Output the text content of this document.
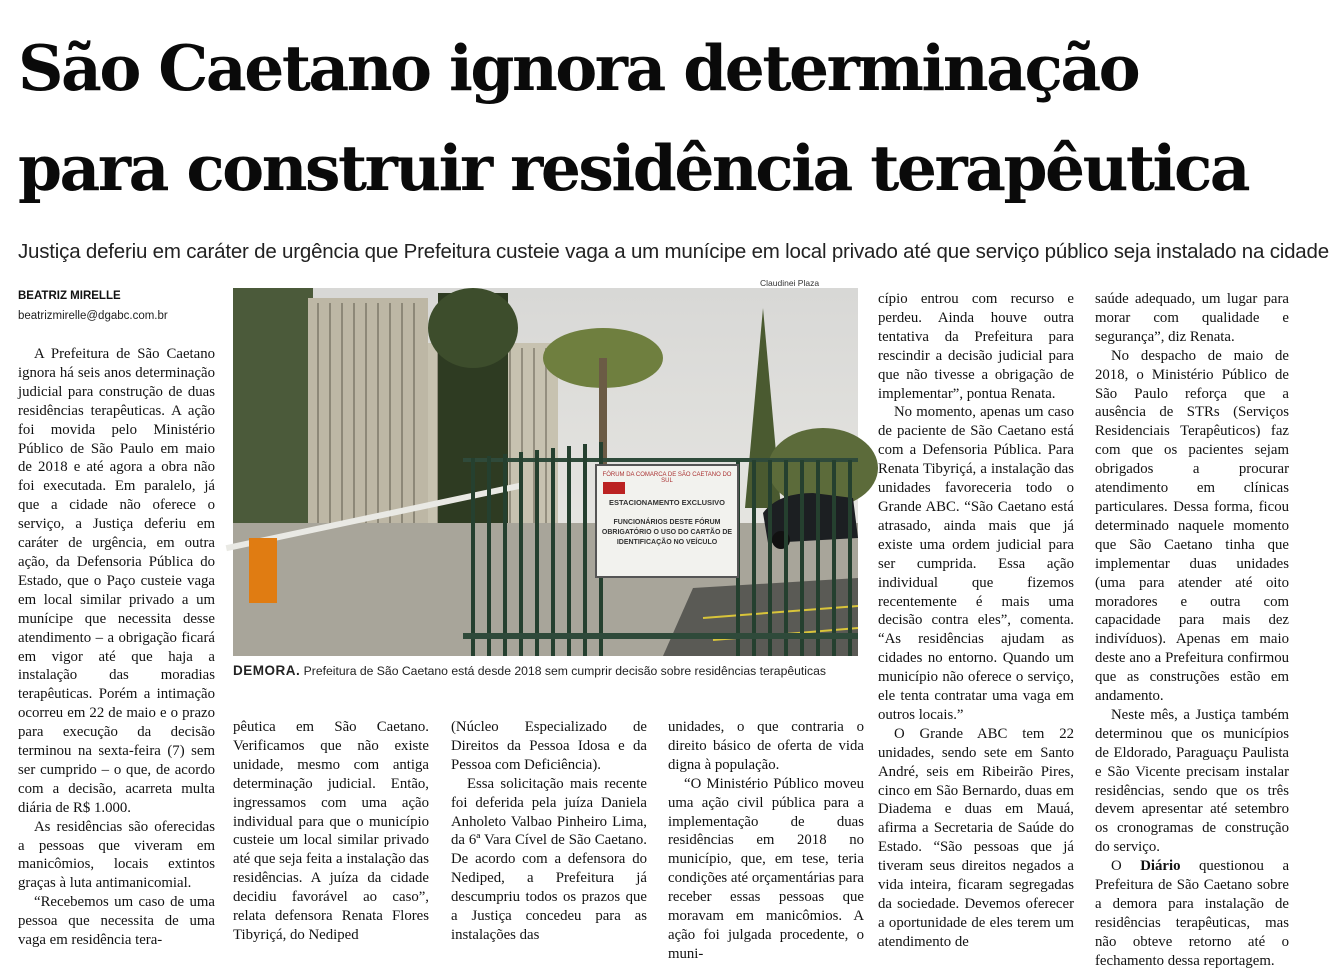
São Caetano ignora determinação
para construir residência terapêutica
Justiça deferiu em caráter de urgência que Prefeitura custeie vaga a um munícipe em local privado até que serviço público seja instalado na cidade
BEATRIZ MIRELLE
beatrizmirelle@dgabc.com.br

A Prefeitura de São Caetano ignora há seis anos determinação judicial para construção de duas residências terapêuticas. A ação foi movida pelo Ministério Público de São Paulo em maio de 2018 e até agora a obra não foi executada. Em paralelo, já que a cidade não oferece o serviço, a Justiça deferiu em caráter de urgência, em outra ação, da Defensoria Pública do Estado, que o Paço custeie vaga em local similar privado a um munícipe que necessita desse atendimento – a obrigação ficará em vigor até que haja a instalação das moradias terapêuticas. Porém a intimação ocorreu em 22 de maio e o prazo para execução da decisão terminou na sexta-feira (7) sem ser cumprido – o que, de acordo com a decisão, acarreta multa diária de R$ 1.000.

As residências são oferecidas a pessoas que viveram em manicômios, locais extintos graças à luta antimanicomial.

“Recebemos um caso de uma pessoa que necessita de uma vaga em residência tera-

Claudinei Plaza
FÓRUM DA COMARCA DE SÃO CAETANO DO SUL
ESTACIONAMENTO EXCLUSIVO
FUNCIONÁRIOS DESTE FÓRUM OBRIGATÓRIO O USO DO CARTÃO DE IDENTIFICAÇÃO NO VEÍCULO
DEMORA. Prefeitura de São Caetano está desde 2018 sem cumprir decisão sobre residências terapêuticas

pêutica em São Caetano. Verificamos que não existe unidade, mesmo com antiga determinação judicial. Então, ingressamos com uma ação individual para que o município custeie um local similar privado até que seja feita a instalação das residências. A juíza da cidade decidiu favorável ao caso”, relata defensora Renata Flores Tibyriçá, do Nediped

(Núcleo Especializado de Direitos da Pessoa Idosa e da Pessoa com Deficiência).

Essa solicitação mais recente foi deferida pela juíza Daniela Anholeto Valbao Pinheiro Lima, da 6ª Vara Cível de São Caetano. De acordo com a defensora do Nediped, a Prefeitura já descumpriu todos os prazos que a Justiça concedeu para as instalações das

unidades, o que contraria o direito básico de oferta de vida digna à população.

“O Ministério Público moveu uma ação civil pública para a implementação de duas residências em 2018 no município, que, em tese, teria condições até orçamentárias para receber essas pessoas que moravam em manicômios. A ação foi julgada procedente, o muni-

cípio entrou com recurso e perdeu. Ainda houve outra tentativa da Prefeitura para rescindir a decisão judicial para que não tivesse a obrigação de implementar”, pontua Renata.

No momento, apenas um caso de paciente de São Caetano está com a Defensoria Pública. Para Renata Tibyriçá, a instalação das unidades favoreceria todo o Grande ABC. “São Caetano está atrasado, ainda mais que já existe uma ordem judicial para ser cumprida. Essa ação individual que fizemos recentemente é mais uma decisão contra eles”, comenta. “As residências ajudam as cidades no entorno. Quando um município não oferece o serviço, ele tenta contratar uma vaga em outros locais.”

O Grande ABC tem 22 unidades, sendo sete em Santo André, seis em Ribeirão Pires, cinco em São Bernardo, duas em Diadema e duas em Mauá, afirma a Secretaria de Saúde do Estado. “São pessoas que já tiveram seus direitos negados a vida inteira, ficaram segregadas da sociedade. Devemos oferecer a oportunidade de eles terem um atendimento de

saúde adequado, um lugar para morar com qualidade e segurança”, diz Renata.

No despacho de maio de 2018, o Ministério Público de São Paulo reforça que a ausência de STRs (Serviços Residenciais Terapêuticos) faz com que os pacientes sejam obrigados a procurar atendimento em clínicas particulares. Dessa forma, ficou determinado naquele momento que São Caetano tinha que implementar duas unidades (uma para atender até oito moradores e outra com capacidade para mais dez indivíduos). Apenas em maio deste ano a Prefeitura confirmou que as construções estão em andamento.

Neste mês, a Justiça também determinou que os municípios de Eldorado, Paraguaçu Paulista e São Vicente precisam instalar residências, sendo que os três devem apresentar até setembro os cronogramas de construção do serviço.

O Diário questionou a Prefeitura de São Caetano sobre a demora para instalação de residências terapêuticas, mas não obteve retorno até o fechamento dessa reportagem.
